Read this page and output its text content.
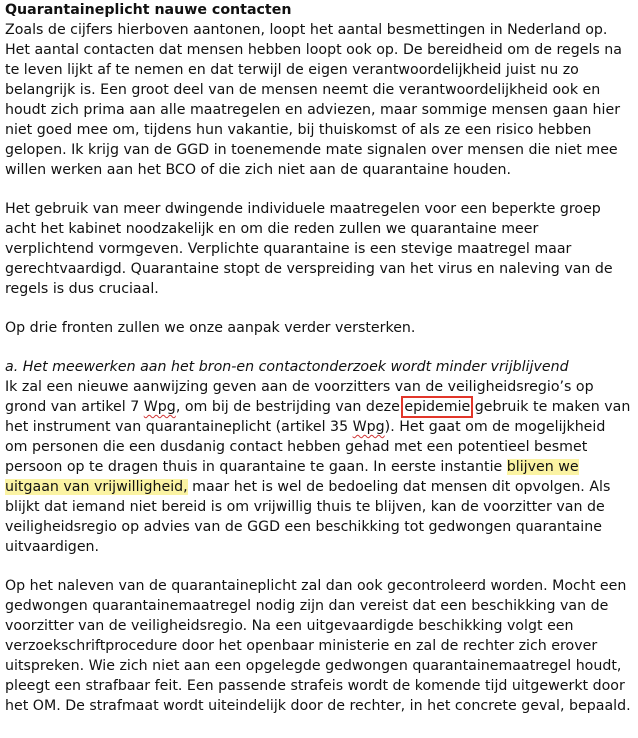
Quarantaineplicht nauwe contacten

Zoals de cijfers hierboven aantonen, loopt het aantal besmettingen in Nederland op. Het aantal contacten dat mensen hebben loopt ook op. De bereidheid om de regels na te leven lijkt af te nemen en dat terwijl de eigen verantwoordelijkheid juist nu zo belangrijk is. Een groot deel van de mensen neemt die verantwoordelijkheid ook en houdt zich prima aan alle maatregelen en adviezen, maar sommige mensen gaan hier niet goed mee om, tijdens hun vakantie, bij thuiskomst of als ze een risico hebben gelopen. Ik krijg van de GGD in toenemende mate signalen over mensen die niet mee willen werken aan het BCO of die zich niet aan de quarantaine houden.

Het gebruik van meer dwingende individuele maatregelen voor een beperkte groep acht het kabinet noodzakelijk en om die reden zullen we quarantaine meer verplichtend vormgeven. Verplichte quarantaine is een stevige maatregel maar gerechtvaardigd. Quarantaine stopt de verspreiding van het virus en naleving van de regels is dus cruciaal.

Op drie fronten zullen we onze aanpak verder versterken.

a. Het meewerken aan het bron-en contactonderzoek wordt minder vrijblijvend
Ik zal een nieuwe aanwijzing geven aan de voorzitters van de veiligheidsregio’s op grond van artikel 7 Wpg, om bij de bestrijding van deze epidemie gebruik te maken van het instrument van quarantaineplicht (artikel 35 Wpg). Het gaat om de mogelijkheid om personen die een dusdanig contact hebben gehad met een potentieel besmet persoon op te dragen thuis in quarantaine te gaan. In eerste instantie blijven we uitgaan van vrijwilligheid, maar het is wel de bedoeling dat mensen dit opvolgen. Als blijkt dat iemand niet bereid is om vrijwillig thuis te blijven, kan de voorzitter van de veiligheidsregio op advies van de GGD een beschikking tot gedwongen quarantaine uitvaardigen.

Op het naleven van de quarantaineplicht zal dan ook gecontroleerd worden. Mocht een gedwongen quarantainemaatregel nodig zijn dan vereist dat een beschikking van de voorzitter van de veiligheidsregio. Na een uitgevaardigde beschikking volgt een verzoekschriftprocedure door het openbaar ministerie en zal de rechter zich erover uitspreken. Wie zich niet aan een opgelegde gedwongen quarantainemaatregel houdt, pleegt een strafbaar feit. Een passende strafeis wordt de komende tijd uitgewerkt door het OM. De strafmaat wordt uiteindelijk door de rechter, in het concrete geval, bepaald.
